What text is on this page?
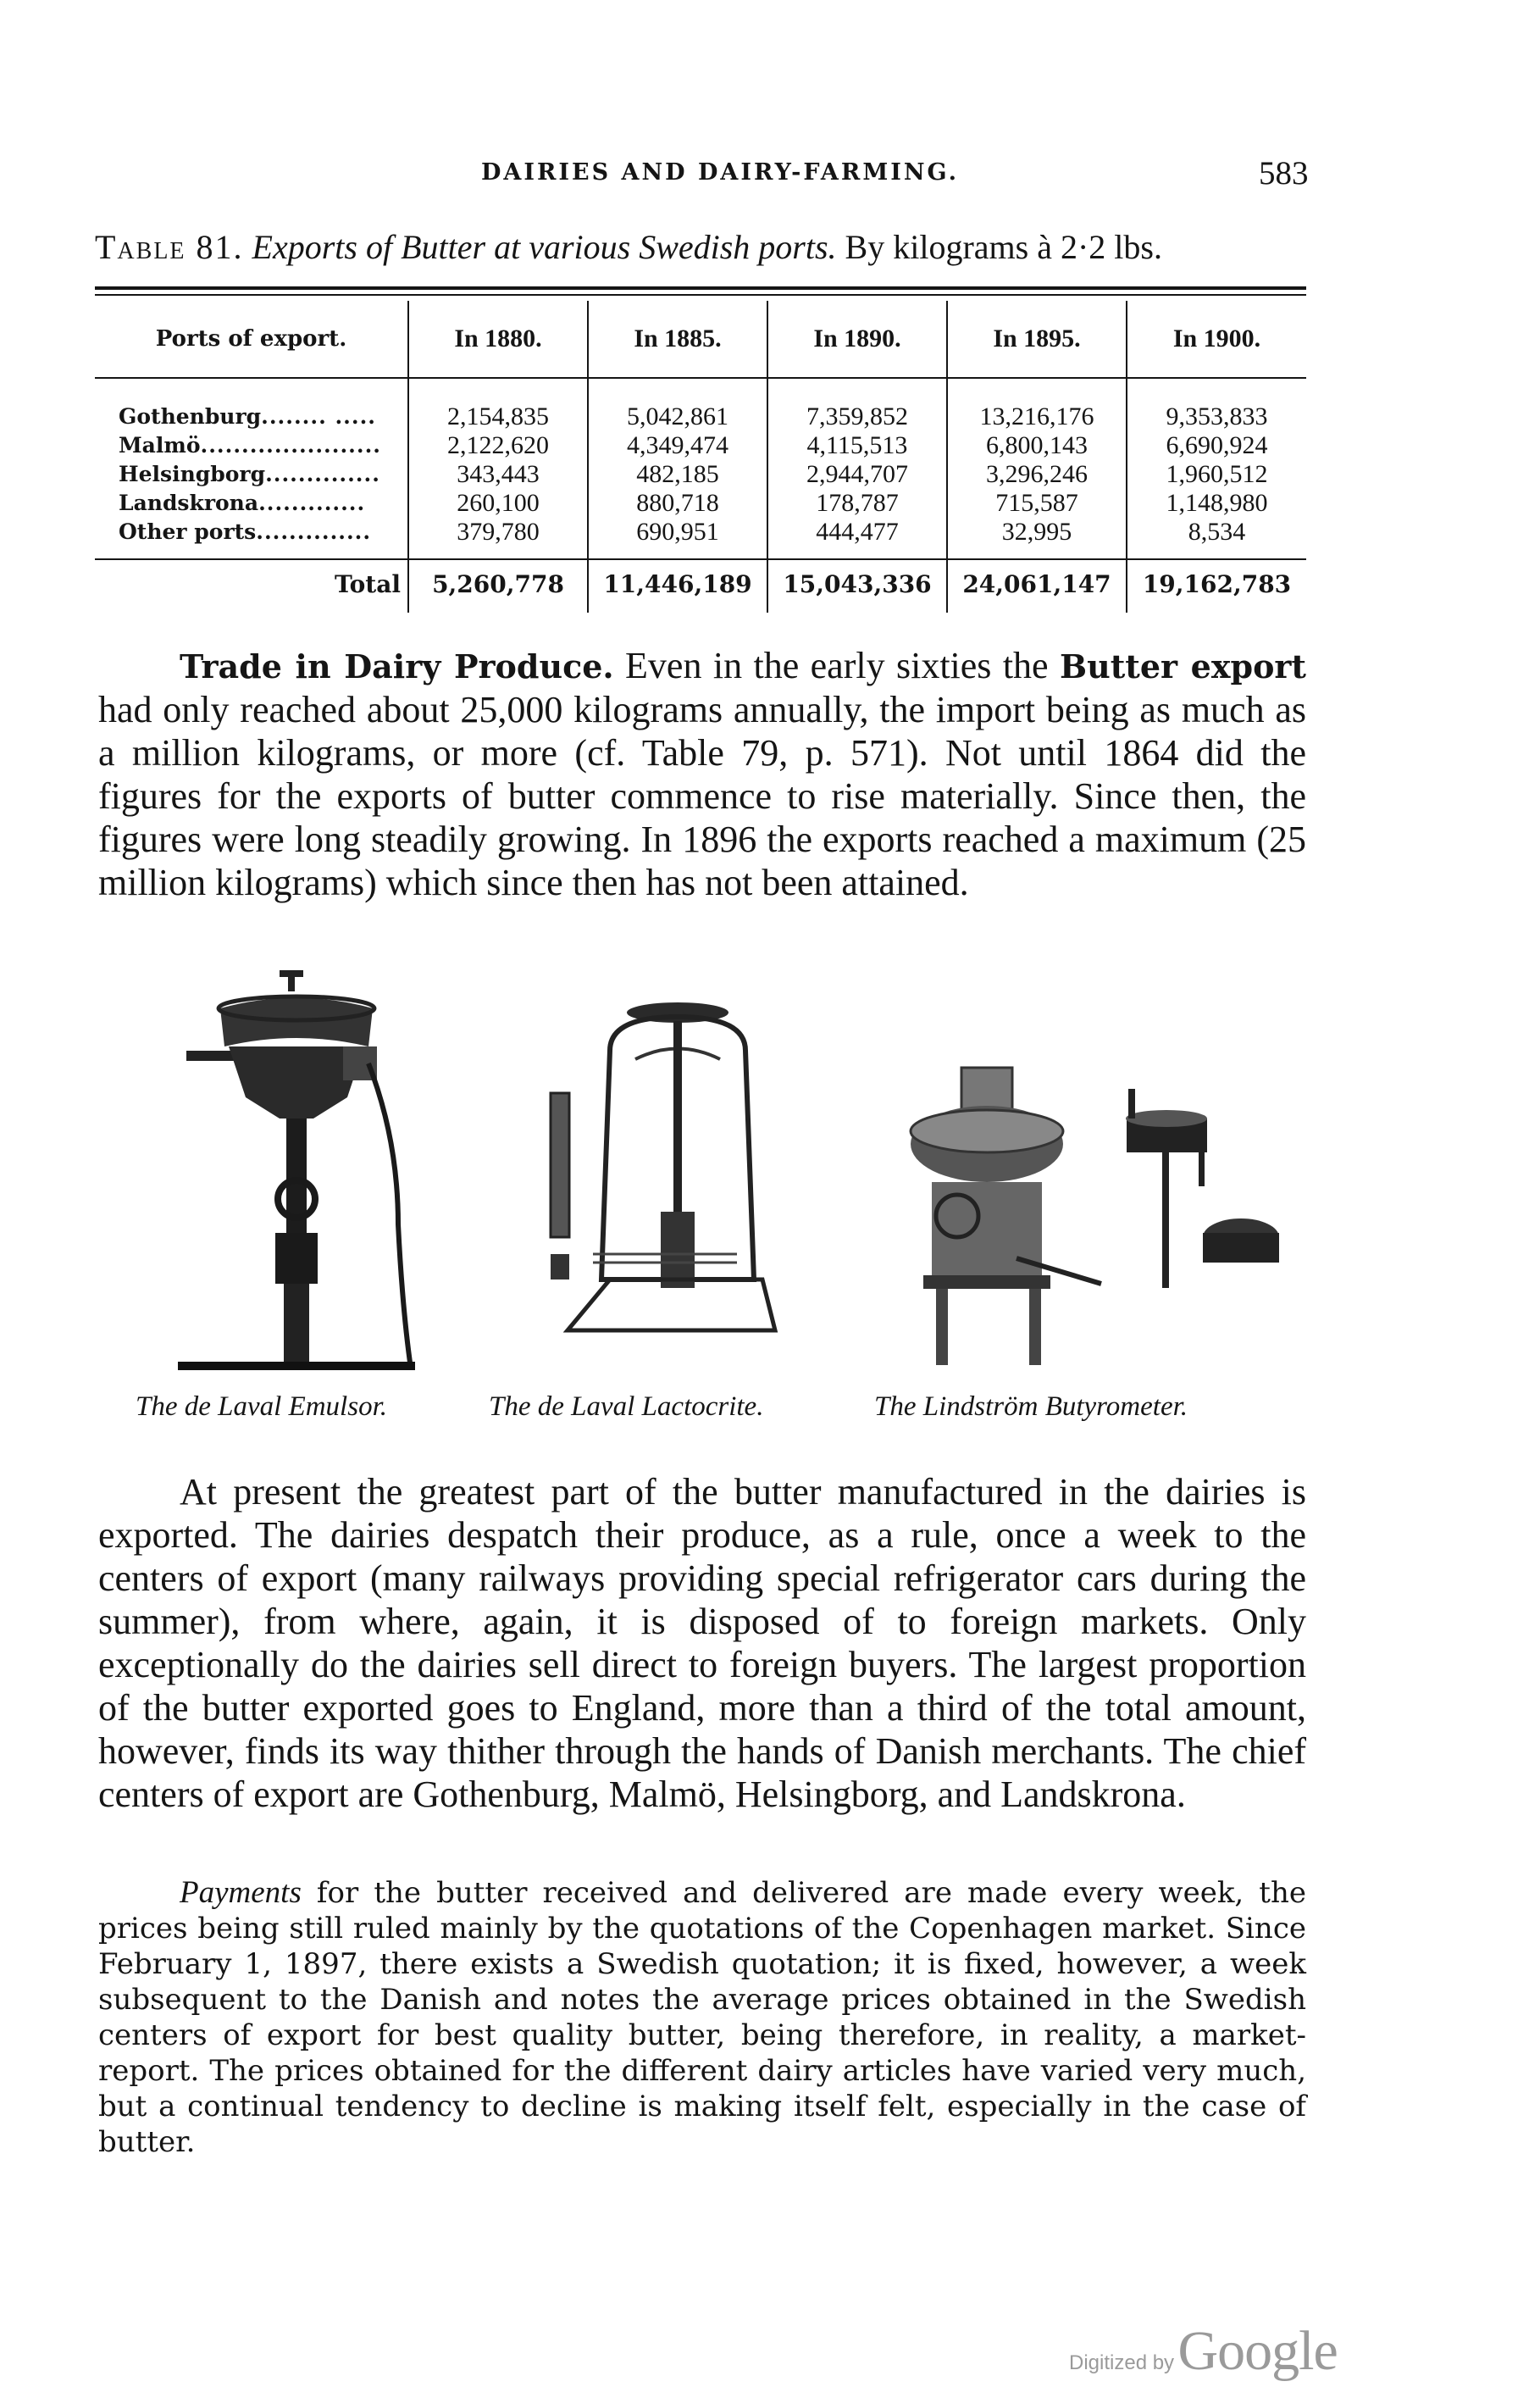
DAIRIES AND DAIRY-FARMING.	583
Table 81. Exports of Butter at various Swedish ports. By kilograms à 2·2 lbs.
Ports of export.	In 1880.	In 1885.	In 1890.	In 1895.	In 1900.
Gothenburg........ .....	2,154,835	5,042,861	7,359,852	13,216,176	9,353,833
Malmö......................	2,122,620	4,349,474	4,115,513	6,800,143	6,690,924
Helsingborg..............	343,443	482,185	2,944,707	3,296,246	1,960,512
Landskrona.............	260,100	880,718	178,787	715,587	1,148,980
Other ports..............	379,780	690,951	444,477	32,995	8,534
Total	5,260,778	11,446,189	15,043,336	24,061,147	19,162,783
Trade in Dairy Produce. Even in the early sixties the Butter export had only reached about 25,000 kilograms annually, the import being as much as a million kilograms, or more (cf. Table 79, p. 571). Not until 1864 did the figures for the exports of butter commence to rise materially. Since then, the figures were long steadily growing. In 1896 the exports reached a maximum (25 million kilograms) which since then has not been attained.
The de Laval Emulsor.	The de Laval Lactocrite.	The Lindström Butyrometer.
At present the greatest part of the butter manufactured in the dairies is exported. The dairies despatch their produce, as a rule, once a week to the centers of export (many railways providing special refrigerator cars during the summer), from where, again, it is disposed of to foreign markets. Only exceptionally do the dairies sell direct to foreign buyers. The largest proportion of the butter exported goes to England, more than a third of the total amount, however, finds its way thither through the hands of Danish merchants. The chief centers of export are Gothenburg, Malmö, Helsingborg, and Landskrona.
Payments for the butter received and delivered are made every week, the prices being still ruled mainly by the quotations of the Copenhagen market. Since February 1, 1897, there exists a Swedish quotation; it is fixed, however, a week subsequent to the Danish and notes the average prices obtained in the Swedish centers of export for best quality butter, being therefore, in reality, a market-report. The prices obtained for the different dairy articles have varied very much, but a continual tendency to decline is making itself felt, especially in the case of butter.
Digitized by Google
